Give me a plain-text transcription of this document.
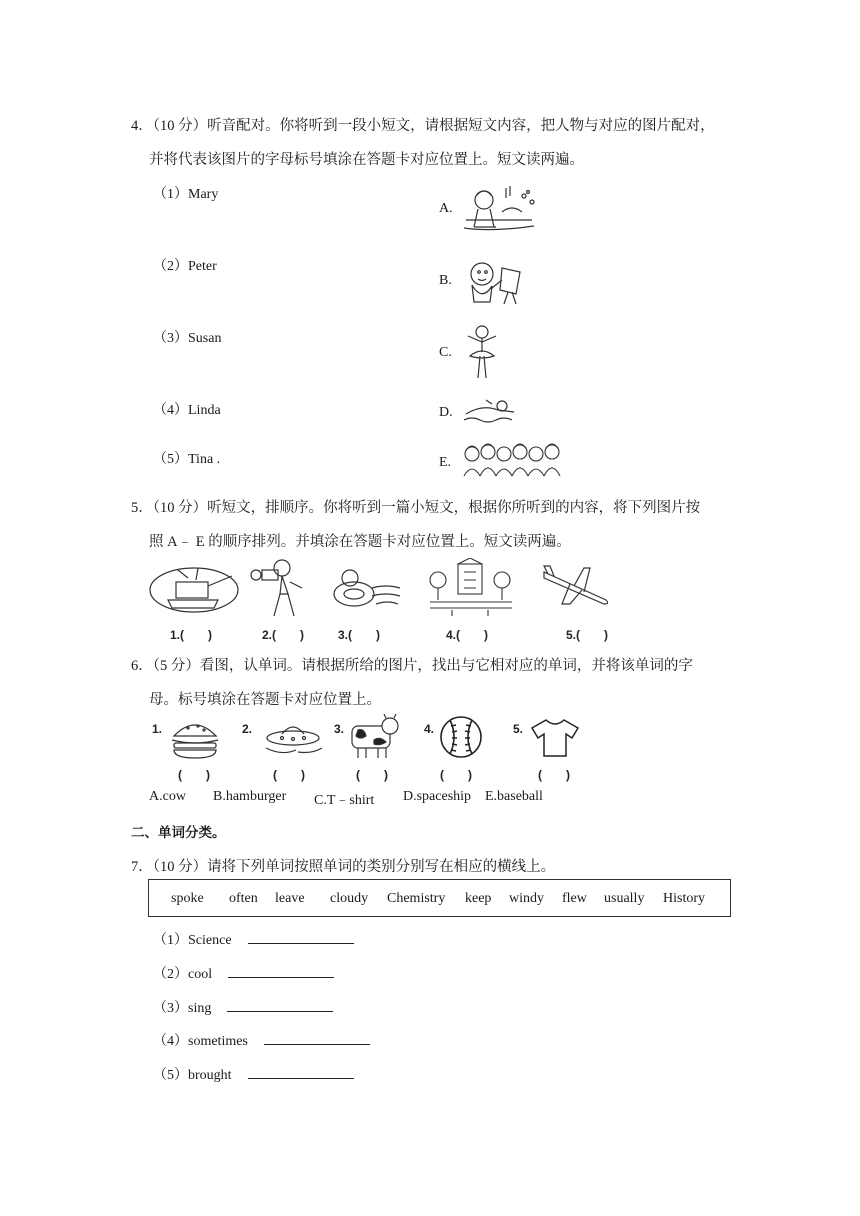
4．（10 分）听音配对。你将听到一段小短文，请根据短文内容，把人物与对应的图片配对，
并将代表该图片的字母标号填涂在答题卡对应位置上。短文读两遍。
（1）Mary
（2）Peter
（3）Susan
（4）Linda
（5）Tina .
A.
B.
C.
D.
E.
5．（10 分）听短文，排顺序。你将听到一篇小短文，根据你所听到的内容，将下列图片按
照 A﹣ E 的顺序排列。并填涂在答题卡对应位置上。短文读两遍。
1.(　　)	2.(　　)	3.(　　)	4.(　　)	5.(　　)
6．（5 分）看图，认单词。请根据所给的图片，找出与它相对应的单词，并将该单词的字
母。标号填涂在答题卡对应位置上。
1.	2.	3.	4.	5.
(　　)	(　　)	(　　)	(　　)	(　　)
A.cow B.hamburger C.T﹣shirt D.spaceship E.baseball
二、单词分类。
7．（10 分）请将下列单词按照单词的类别分别写在相应的横线上。
spoke often leave cloudy Chemistry keep windy flew usually History
（1）Science
（2）cool
（3）sing
（4）sometimes
（5）brought
